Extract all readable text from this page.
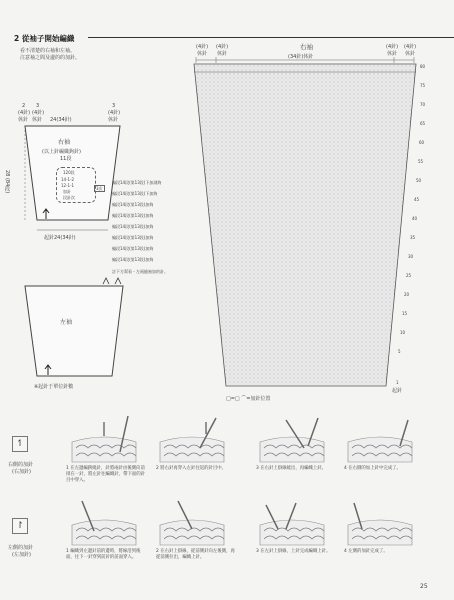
2 從袖子開始編織
看不清楚的右袖和左袖。
注意袖之間及邊的的加針。
2 3
(4針) (4針)
休針 休針 24(34針)
3
(4針)
休針
28 (84段)
右袖
(以上針編織鉤針)
11段
120段
14-1-2
12-1-1
加針
段針次
3次
起針24(34針)
編段14段(第13段)下加減鉤
編段14段(第13段)下加鉤
編段14段(第13段)加鉤
編段14段(第13段)加鉤
編段14段(第13段)加鉤
編段14段(第13段)加鉤
編段14段(第13段)加鉤
編段14段(第13段)加鉤
註下方幫看・左兩縫袖加的針。
左袖
※起針于單位針數
(4針) (4針)	(4針) (4針)
休針 休針	休針 休針
右袖
(34針)休針
80
75
70
65
60
55
50
45
40
35
30
25
20
15
10
5
1
起針
□=□ ⌒=加針位置
↿
右側的加針
(右加針)
1 在左邊編鉤繞針，針將兩針由後側向前排在一針，將左針往編織針，帶下面的針目中穿入。
2 將右針再穿入左針往返的針目中。	3 在右針上掛線繞出，再編織上針。	4 在右側的加上針中完成了。
↾
左側的加針
(左加針)
1 編織到左邊針前的邊時，將線沿到後面，往下一針穿到前針的前面穿入。
2 在右針上掛線，從前側針向左後側，再從前側拉出，編織上針。
3 在左針上掛線，上針完成編織上針。	4 左側的加針完成了。
25
